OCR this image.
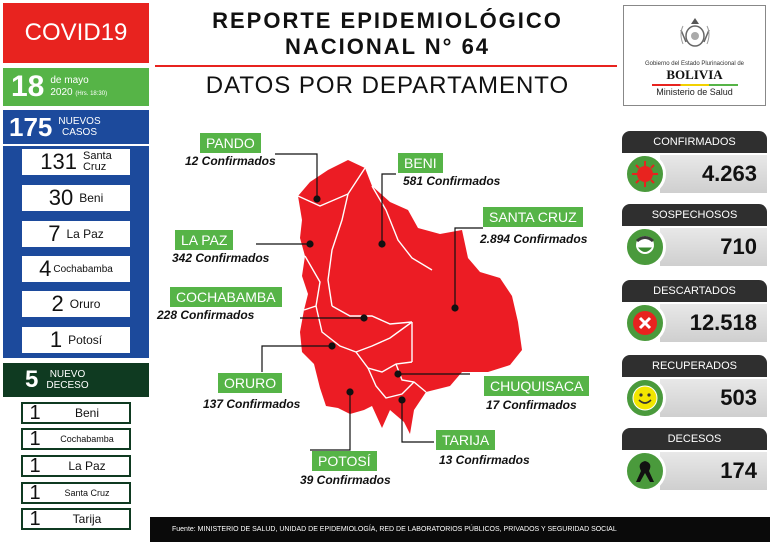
COVID19
18 de mayo
2020 (Hrs. 18:30)
175 NUEVOS
CASOS
131 Santa
Cruz
30 Beni
7 La Paz
4 Cochabamba
2 Oruro
1 Potosí
5	NUEVO
DECESO
1	Beni
1	Cochabamba
1	La Paz
1	Santa Cruz
1	Tarija
REPORTE EPIDEMIOLÓGICO
NACIONAL N° 64
DATOS POR DEPARTAMENTO
Gobierno del Estado Plurinacional de
BOLIVIA
Ministerio de Salud
PANDO
12 Confirmados	BENI
581 Confirmados
SANTA CRUZ
2.894 Confirmados
LA PAZ
342 Confirmados
COCHABAMBA
228 Confirmados
ORURO
137 Confirmados
CHUQUISACA
17 Confirmados
TARIJA
13 Confirmados
POTOSÍ
39 Confirmados
CONFIRMADOS
4.263
SOSPECHOSOS
710
DESCARTADOS
12.518
RECUPERADOS
503
DECESOS
174
Fuente: MINISTERIO DE SALUD, UNIDAD DE EPIDEMIOLOGÍA, RED DE LABORATORIOS PÚBLICOS, PRIVADOS Y SEGURIDAD SOCIAL
